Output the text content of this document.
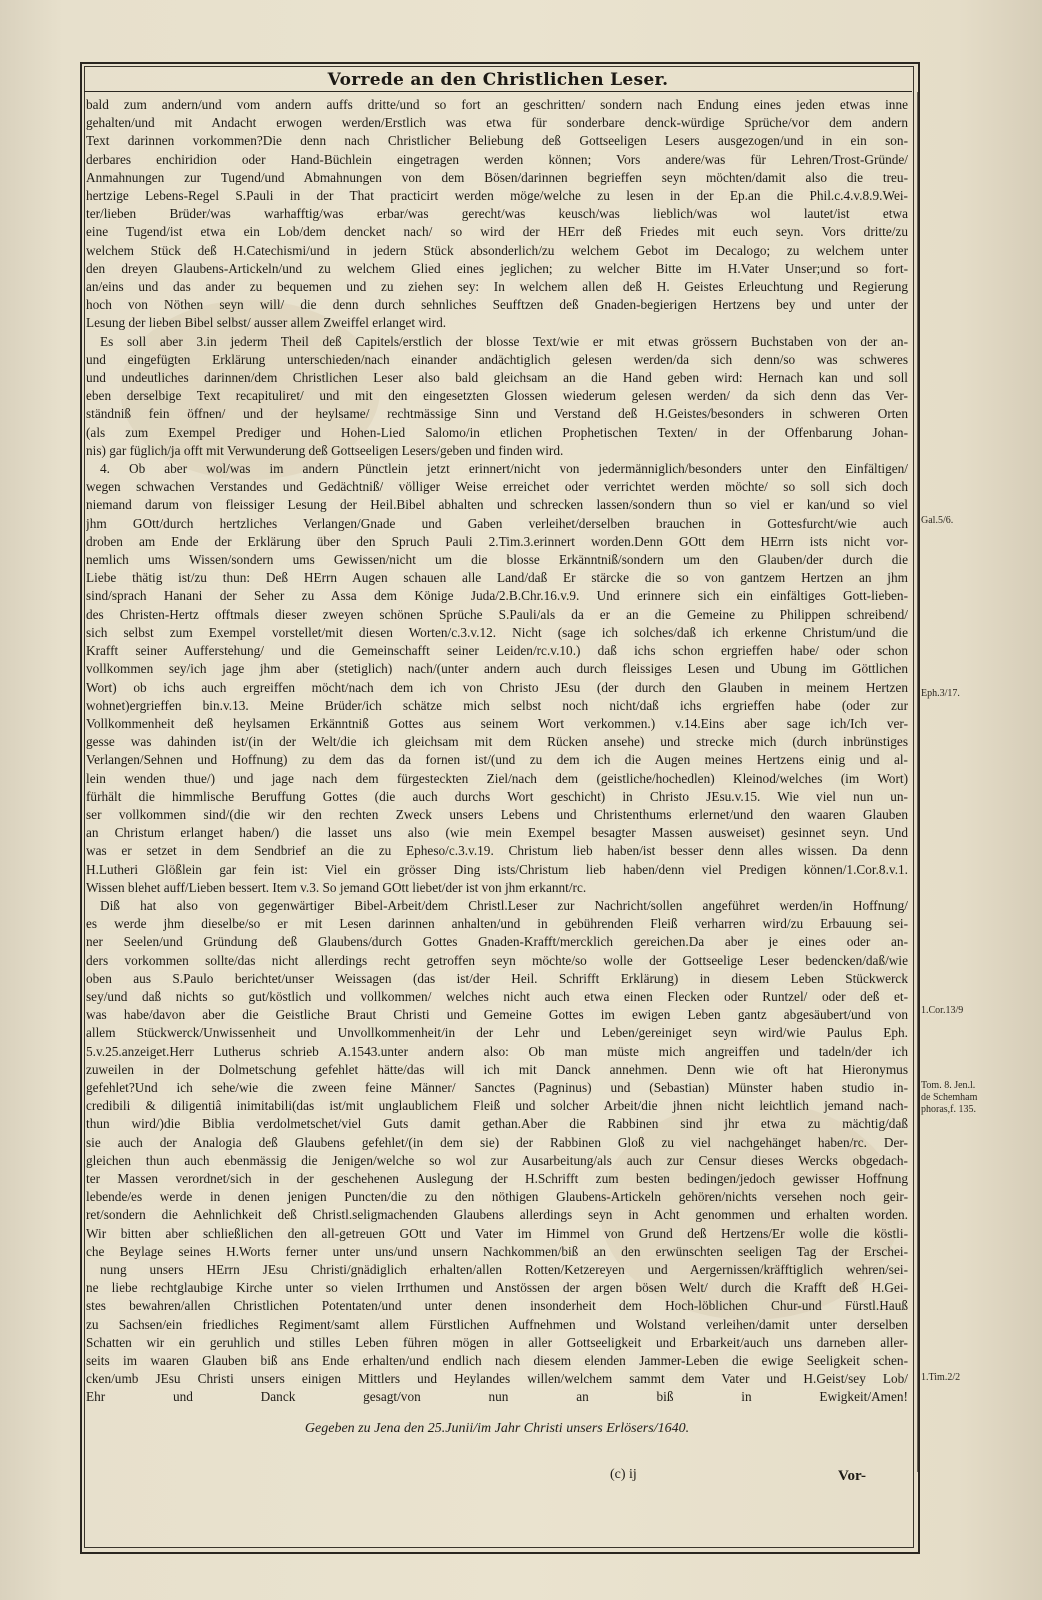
Vorrede an den Christlichen Leser.
bald zum andern/und vom andern auffs dritte/und so fort an geschritten/ sondern nach Endung eines jeden etwas inne
gehalten/und mit Andacht erwogen werden/Erstlich was etwa für sonderbare denck-würdige Sprüche/vor dem andern
Text darinnen vorkommen?Die denn nach Christlicher Beliebung deß Gottseeligen Lesers ausgezogen/und in ein son-
derbares enchiridion oder Hand-Büchlein eingetragen werden können; Vors andere/was für Lehren/Trost-Gründe/
Anmahnungen zur Tugend/und Abmahnungen von dem Bösen/darinnen begrieffen seyn möchten/damit also die treu-
hertzige Lebens-Regel S.Pauli in der That practicirt werden möge/welche zu lesen in der Ep.an die Phil.c.4.v.8.9.Wei-
ter/lieben Brüder/was warhafftig/was erbar/was gerecht/was keusch/was lieblich/was wol lautet/ist etwa
eine Tugend/ist etwa ein Lob/dem dencket nach/ so wird der HErr deß Friedes mit euch seyn. Vors dritte/zu
welchem Stück deß H.Catechismi/und in jedern Stück absonderlich/zu welchem Gebot im Decalogo; zu welchem unter
den dreyen Glaubens-Artickeln/und zu welchem Glied eines jeglichen; zu welcher Bitte im H.Vater Unser;und so fort-
an/eins und das ander zu bequemen und zu ziehen sey: In welchem allen deß H. Geistes Erleuchtung und Regierung
hoch von Nöthen seyn will/ die denn durch sehnliches Seufftzen deß Gnaden-begierigen Hertzens bey und unter der
Lesung der lieben Bibel selbst/ ausser allem Zweiffel erlanget wird.
Es soll aber 3.in jederm Theil deß Capitels/erstlich der blosse Text/wie er mit etwas grössern Buchstaben von der an-
und eingefügten Erklärung unterschieden/nach einander andächtiglich gelesen werden/da sich denn/so was schweres
und undeutliches darinnen/dem Christlichen Leser also bald gleichsam an die Hand geben wird: Hernach kan und soll
eben derselbige Text recapituliret/ und mit den eingesetzten Glossen wiederum gelesen werden/ da sich denn das Ver-
ständniß fein öffnen/ und der heylsame/ rechtmässige Sinn und Verstand deß H.Geistes/besonders in schweren Orten
(als zum Exempel Prediger und Hohen-Lied Salomo/in etlichen Prophetischen Texten/ in der Offenbarung Johan-
nis) gar füglich/ja offt mit Verwunderung deß Gottseeligen Lesers/geben und finden wird.
4. Ob aber wol/was im andern Pünctlein jetzt erinnert/nicht von jedermänniglich/besonders unter den Einfältigen/
wegen schwachen Verstandes und Gedächtniß/ völliger Weise erreichet oder verrichtet werden möchte/ so soll sich doch
niemand darum von fleissiger Lesung der Heil.Bibel abhalten und schrecken lassen/sondern thun so viel er kan/und so viel
jhm GOtt/durch hertzliches Verlangen/Gnade und Gaben verleihet/derselben brauchen in Gottesfurcht/wie auch
droben am Ende der Erklärung über den Spruch Pauli 2.Tim.3.erinnert worden.Denn GOtt dem HErrn ists nicht vor-
nemlich ums Wissen/sondern ums Gewissen/nicht um die blosse Erkänntniß/sondern um den Glauben/der durch die
Liebe thätig ist/zu thun: Deß HErrn Augen schauen alle Land/daß Er stärcke die so von gantzem Hertzen an jhm
sind/sprach Hanani der Seher zu Assa dem Könige Juda/2.B.Chr.16.v.9. Und erinnere sich ein einfältiges Gott-lieben-
des Christen-Hertz offtmals dieser zweyen schönen Sprüche S.Pauli/als da er an die Gemeine zu Philippen schreibend/
sich selbst zum Exempel vorstellet/mit diesen Worten/c.3.v.12. Nicht (sage ich solches/daß ich erkenne Christum/und die
Krafft seiner Aufferstehung/ und die Gemeinschafft seiner Leiden/rc.v.10.) daß ichs schon ergrieffen habe/ oder schon
vollkommen sey/ich jage jhm aber (stetiglich) nach/(unter andern auch durch fleissiges Lesen und Ubung im Göttlichen
Wort) ob ichs auch ergreiffen möcht/nach dem ich von Christo JEsu (der durch den Glauben in meinem Hertzen
wohnet)ergrieffen bin.v.13. Meine Brüder/ich schätze mich selbst noch nicht/daß ichs ergrieffen habe (oder zur
Vollkommenheit deß heylsamen Erkänntniß Gottes aus seinem Wort verkommen.) v.14.Eins aber sage ich/Ich ver-
gesse was dahinden ist/(in der Welt/die ich gleichsam mit dem Rücken ansehe) und strecke mich (durch inbrünstiges
Verlangen/Sehnen und Hoffnung) zu dem das da fornen ist/(und zu dem ich die Augen meines Hertzens einig und al-
lein wenden thue/) und jage nach dem fürgesteckten Ziel/nach dem (geistliche/hochedlen) Kleinod/welches (im Wort)
fürhält die himmlische Beruffung Gottes (die auch durchs Wort geschicht) in Christo JEsu.v.15. Wie viel nun un-
ser vollkommen sind/(die wir den rechten Zweck unsers Lebens und Christenthums erlernet/und den waaren Glauben
an Christum erlanget haben/) die lasset uns also (wie mein Exempel besagter Massen ausweiset) gesinnet seyn. Und
was er setzet in dem Sendbrief an die zu Epheso/c.3.v.19. Christum lieb haben/ist besser denn alles wissen. Da denn
H.Lutheri Glößlein gar fein ist: Viel ein grösser Ding ists/Christum lieb haben/denn viel Predigen können/1.Cor.8.v.1.
Wissen blehet auff/Lieben bessert. Item v.3. So jemand GOtt liebet/der ist von jhm erkannt/rc.
Diß hat also von gegenwärtiger Bibel-Arbeit/dem Christl.Leser zur Nachricht/sollen angeführet werden/in Hoffnung/
es werde jhm dieselbe/so er mit Lesen darinnen anhalten/und in gebührenden Fleiß verharren wird/zu Erbauung sei-
ner Seelen/und Gründung deß Glaubens/durch Gottes Gnaden-Krafft/mercklich gereichen.Da aber je eines oder an-
ders vorkommen sollte/das nicht allerdings recht getroffen seyn möchte/so wolle der Gottseelige Leser bedencken/daß/wie
oben aus S.Paulo berichtet/unser Weissagen (das ist/der Heil. Schrifft Erklärung) in diesem Leben Stückwerck
sey/und daß nichts so gut/köstlich und vollkommen/ welches nicht auch etwa einen Flecken oder Runtzel/ oder deß et-
was habe/davon aber die Geistliche Braut Christi und Gemeine Gottes im ewigen Leben gantz abgesäubert/und von
allem Stückwerck/Unwissenheit und Unvollkommenheit/in der Lehr und Leben/gereiniget seyn wird/wie Paulus Eph.
5.v.25.anzeiget.Herr Lutherus schrieb A.1543.unter andern also: Ob man müste mich angreiffen und tadeln/der ich
zuweilen in der Dolmetschung gefehlet hätte/das will ich mit Danck annehmen. Denn wie oft hat Hieronymus
gefehlet?Und ich sehe/wie die zween feine Männer/ Sanctes (Pagninus) und (Sebastian) Münster haben studio in-
credibili & diligentiâ inimitabili(das ist/mit unglaublichem Fleiß und solcher Arbeit/die jhnen nicht leichtlich jemand nach-
thun wird/)die Biblia verdolmetschet/viel Guts damit gethan.Aber die Rabbinen sind jhr etwa zu mächtig/daß
sie auch der Analogia deß Glaubens gefehlet/(in dem sie) der Rabbinen Gloß zu viel nachgehänget haben/rc. Der-
gleichen thun auch ebenmässig die Jenigen/welche so wol zur Ausarbeitung/als auch zur Censur dieses Wercks obgedach-
ter Massen verordnet/sich in der geschehenen Auslegung der H.Schrifft zum besten bedingen/jedoch gewisser Hoffnung
lebende/es werde in denen jenigen Puncten/die zu den nöthigen Glaubens-Artickeln gehören/nichts versehen noch geir-
ret/sondern die Aehnlichkeit deß Christl.seligmachenden Glaubens allerdings seyn in Acht genommen und erhalten worden.
Wir bitten aber schließlichen den all-getreuen GOtt und Vater im Himmel von Grund deß Hertzens/Er wolle die köstli-
che Beylage seines H.Worts ferner unter uns/und unsern Nachkommen/biß an den erwünschten seeligen Tag der Erschei-
nung unsers HErrn JEsu Christi/gnädiglich erhalten/allen Rotten/Ketzereyen und Aergernissen/kräfftiglich wehren/sei-
ne liebe rechtglaubige Kirche unter so vielen Irrthumen und Anstössen der argen bösen Welt/ durch die Krafft deß H.Gei-
stes bewahren/allen Christlichen Potentaten/und unter denen insonderheit dem Hoch-löblichen Chur-und Fürstl.Hauß
zu Sachsen/ein friedliches Regiment/samt allem Fürstlichen Auffnehmen und Wolstand verleihen/damit unter derselben
Schatten wir ein geruhlich und stilles Leben führen mögen in aller Gottseeligkeit und Erbarkeit/auch uns darneben aller-
seits im waaren Glauben biß ans Ende erhalten/und endlich nach diesem elenden Jammer-Leben die ewige Seeligkeit schen-
cken/umb JEsu Christi unsers einigen Mittlers und Heylandes willen/welchem sammt dem Vater und H.Geist/sey Lob/
Ehr und Danck gesagt/von nun an biß in Ewigkeit/Amen!
Gegeben zu Jena den 25.Junii/im Jahr Christi unsers Erlösers/1640.
Gal.5/6.
Eph.3/17.
1.Cor.13/9
Tom. 8. Jen.l. de Schemham phoras,f. 135.
1.Tim.2/2
(c) ij	Vor-
